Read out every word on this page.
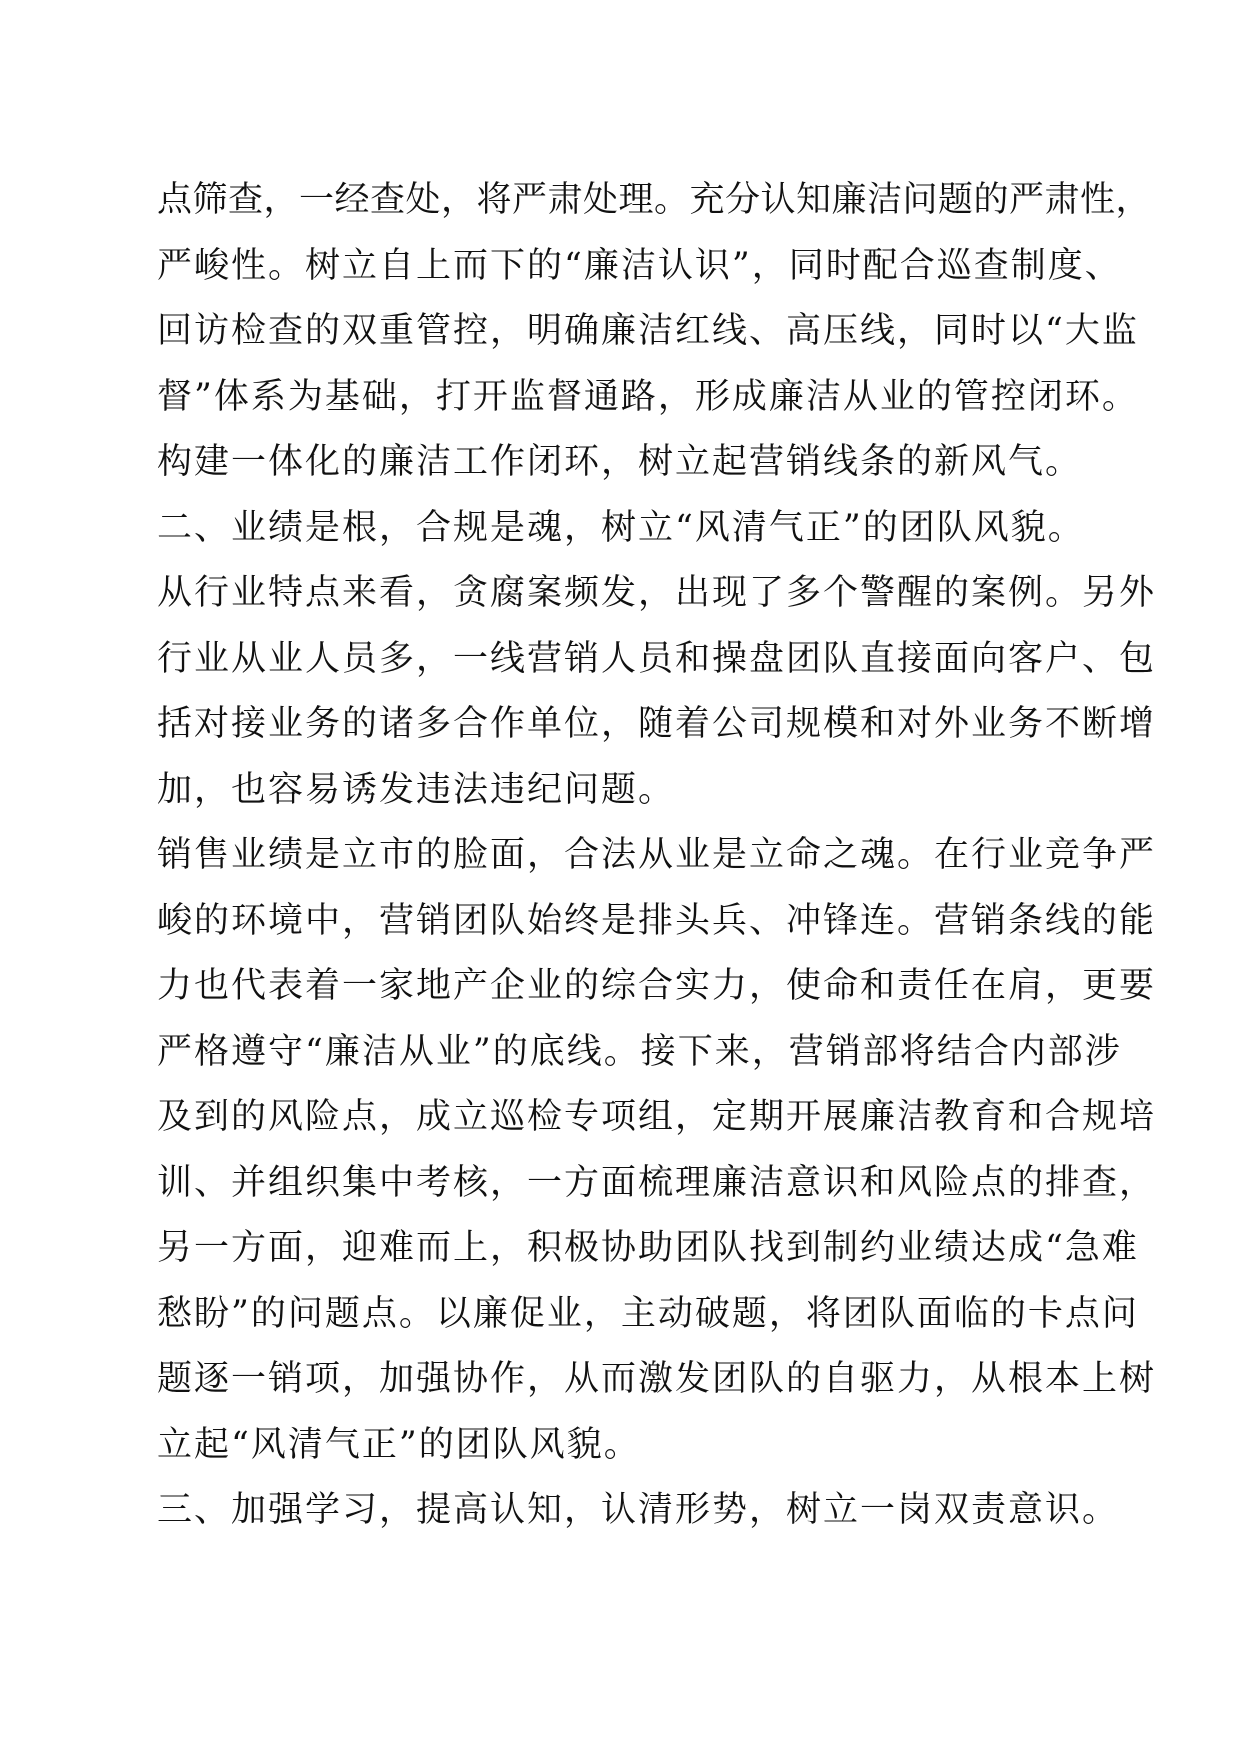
点筛查，一经查处，将严肃处理。充分认知廉洁问题的严肃性，
严峻性。树立自上而下的“廉洁认识”，同时配合巡查制度、
回访检查的双重管控，明确廉洁红线、高压线，同时以“大监
督”体系为基础，打开监督通路，形成廉洁从业的管控闭环。
构建一体化的廉洁工作闭环，树立起营销线条的新风气。
二、业绩是根，合规是魂，树立“风清气正”的团队风貌。
从行业特点来看，贪腐案频发，出现了多个警醒的案例。另外
行业从业人员多，一线营销人员和操盘团队直接面向客户、包
括对接业务的诸多合作单位，随着公司规模和对外业务不断增
加，也容易诱发违法违纪问题。
销售业绩是立市的脸面，合法从业是立命之魂。在行业竞争严
峻的环境中，营销团队始终是排头兵、冲锋连。营销条线的能
力也代表着一家地产企业的综合实力，使命和责任在肩，更要
严格遵守“廉洁从业”的底线。接下来，营销部将结合内部涉
及到的风险点，成立巡检专项组，定期开展廉洁教育和合规培
训、并组织集中考核，一方面梳理廉洁意识和风险点的排查，
另一方面，迎难而上，积极协助团队找到制约业绩达成“急难
愁盼”的问题点。以廉促业，主动破题，将团队面临的卡点问
题逐一销项，加强协作，从而激发团队的自驱力，从根本上树
立起“风清气正”的团队风貌。
三、加强学习，提高认知，认清形势，树立一岗双责意识。
